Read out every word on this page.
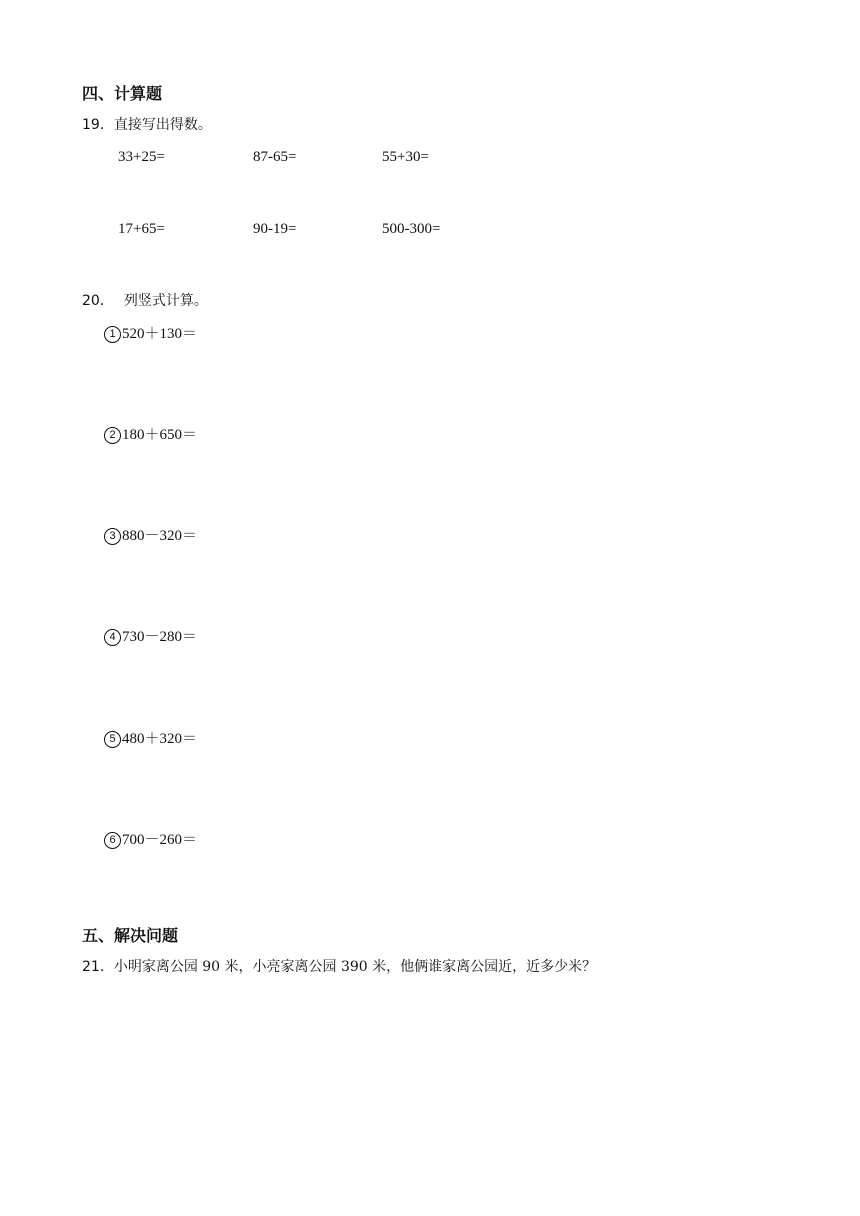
四、计算题
19．直接写出得数。
33+25=	87-65=	55+30=
17+65=	90-19=	500-300=
20． 列竖式计算。
1 520＋130＝
2 180＋650＝
3 880－320＝
4 730－280＝
5 480＋320＝
6 700－260＝
五、解决问题
21．小明家离公园 90 米，小亮家离公园 390 米，他俩谁家离公园近，近多少米？
